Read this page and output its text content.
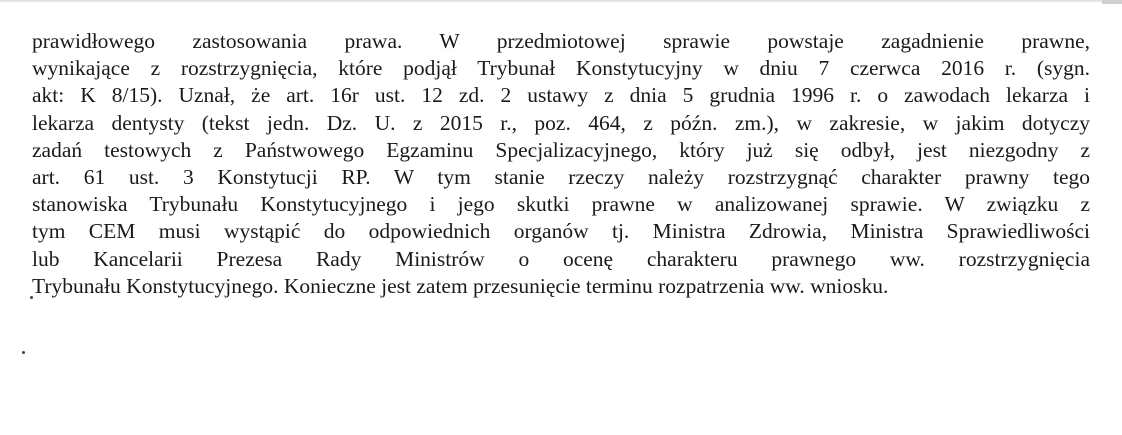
prawidłowego zastosowania prawa. W przedmiotowej sprawie powstaje zagadnienie prawne,
wynikające z rozstrzygnięcia, które podjął Trybunał Konstytucyjny w dniu 7 czerwca 2016 r. (sygn.
akt: K 8/15). Uznał, że art. 16r ust. 12 zd. 2 ustawy z dnia 5 grudnia 1996 r. o zawodach lekarza i
lekarza dentysty (tekst jedn. Dz. U. z 2015 r., poz. 464, z późn. zm.), w zakresie, w jakim dotyczy
zadań testowych z Państwowego Egzaminu Specjalizacyjnego, który już się odbył, jest niezgodny z
art. 61 ust. 3 Konstytucji RP. W tym stanie rzeczy należy rozstrzygnąć charakter prawny tego
stanowiska Trybunału Konstytucyjnego i jego skutki prawne w analizowanej sprawie. W związku z
tym CEM musi wystąpić do odpowiednich organów tj. Ministra Zdrowia, Ministra Sprawiedliwości
lub Kancelarii Prezesa Rady Ministrów o ocenę charakteru prawnego ww. rozstrzygnięcia
Trybunału Konstytucyjnego. Konieczne jest zatem przesunięcie terminu rozpatrzenia ww. wniosku.
